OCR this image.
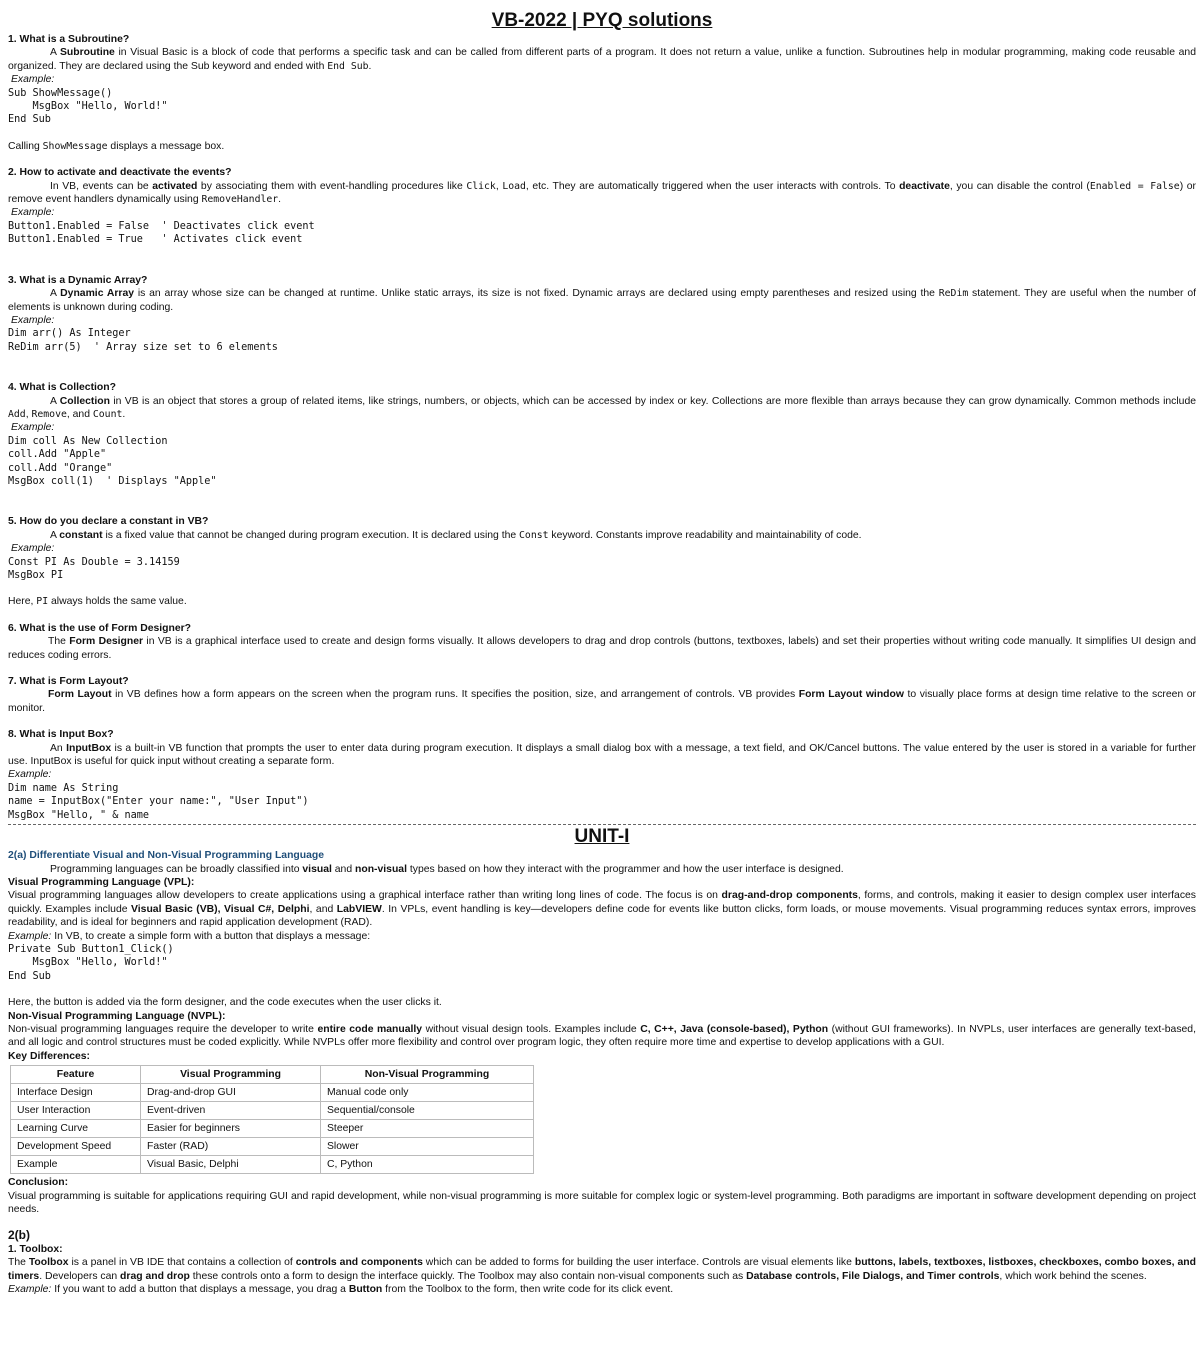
VB-2022 | PYQ solutions
1. What is a Subroutine?

A Subroutine in Visual Basic is a block of code that performs a specific task and can be called from different parts of a program. It does not return a value, unlike a function. Subroutines help in modular programming, making code reusable and organized. They are declared using the Sub keyword and ended with End Sub.

Example:
Sub ShowMessage()
MsgBox "Hello, World!"
End Sub

Calling ShowMessage displays a message box.

2. How to activate and deactivate the events?

In VB, events can be activated by associating them with event-handling procedures like Click, Load, etc. They are automatically triggered when the user interacts with controls. To deactivate, you can disable the control (Enabled = False) or remove event handlers dynamically using RemoveHandler.

Example:
Button1.Enabled = False  ' Deactivates click event
Button1.Enabled = True   ' Activates click event
3. What is a Dynamic Array?

A Dynamic Array is an array whose size can be changed at runtime. Unlike static arrays, its size is not fixed. Dynamic arrays are declared using empty parentheses and resized using the ReDim statement. They are useful when the number of elements is unknown during coding.

Example:
Dim arr() As Integer
ReDim arr(5)  ' Array size set to 6 elements
4. What is Collection?

A Collection in VB is an object that stores a group of related items, like strings, numbers, or objects, which can be accessed by index or key. Collections are more flexible than arrays because they can grow dynamically. Common methods include Add, Remove, and Count.

Example:
Dim coll As New Collection
coll.Add "Apple"
coll.Add "Orange"
MsgBox coll(1)  ' Displays "Apple"
5. How do you declare a constant in VB?

A constant is a fixed value that cannot be changed during program execution. It is declared using the Const keyword. Constants improve readability and maintainability of code.

Example:
Const PI As Double = 3.14159
MsgBox PI

Here, PI always holds the same value.

6. What is the use of Form Designer?

The Form Designer in VB is a graphical interface used to create and design forms visually. It allows developers to drag and drop controls (buttons, textboxes, labels) and set their properties without writing code manually. It simplifies UI design and reduces coding errors.

7. What is Form Layout?

Form Layout in VB defines how a form appears on the screen when the program runs. It specifies the position, size, and arrangement of controls. VB provides Form Layout window to visually place forms at design time relative to the screen or monitor.

8. What is Input Box?

An InputBox is a built-in VB function that prompts the user to enter data during program execution. It displays a small dialog box with a message, a text field, and OK/Cancel buttons. The value entered by the user is stored in a variable for further use. InputBox is useful for quick input without creating a separate form.

Example:
Dim name As String
name = InputBox("Enter your name:", "User Input")
MsgBox "Hello, " & name
UNIT-I
2(a) Differentiate Visual and Non-Visual Programming Language

Programming languages can be broadly classified into visual and non-visual types based on how they interact with the programmer and how the user interface is designed.

Visual Programming Language (VPL):

Visual programming languages allow developers to create applications using a graphical interface rather than writing long lines of code. The focus is on drag-and-drop components, forms, and controls, making it easier to design complex user interfaces quickly. Examples include Visual Basic (VB), Visual C#, Delphi, and LabVIEW. In VPLs, event handling is key—developers define code for events like button clicks, form loads, or mouse movements. Visual programming reduces syntax errors, improves readability, and is ideal for beginners and rapid application development (RAD).

Example: In VB, to create a simple form with a button that displays a message:

Private Sub Button1_Click()
MsgBox "Hello, World!"
End Sub

Here, the button is added via the form designer, and the code executes when the user clicks it.

Non-Visual Programming Language (NVPL):

Non-visual programming languages require the developer to write entire code manually without visual design tools. Examples include C, C++, Java (console-based), Python (without GUI frameworks). In NVPLs, user interfaces are generally text-based, and all logic and control structures must be coded explicitly. While NVPLs offer more flexibility and control over program logic, they often require more time and expertise to develop applications with a GUI.

Key Differences:
Feature	Visual Programming	Non-Visual Programming
Interface Design	Drag-and-drop GUI	Manual code only
User Interaction	Event-driven	Sequential/console
Learning Curve	Easier for beginners	Steeper
Development Speed	Faster (RAD)	Slower
Example	Visual Basic, Delphi	C, Python
Conclusion:

Visual programming is suitable for applications requiring GUI and rapid development, while non-visual programming is more suitable for complex logic or system-level programming. Both paradigms are important in software development depending on project needs.

2(b)
1. Toolbox:

The Toolbox is a panel in VB IDE that contains a collection of controls and components which can be added to forms for building the user interface. Controls are visual elements like buttons, labels, textboxes, listboxes, checkboxes, combo boxes, and timers. Developers can drag and drop these controls onto a form to design the interface quickly. The Toolbox may also contain non-visual components such as Database controls, File Dialogs, and Timer controls, which work behind the scenes.

Example: If you want to add a button that displays a message, you drag a Button from the Toolbox to the form, then write code for its click event.
